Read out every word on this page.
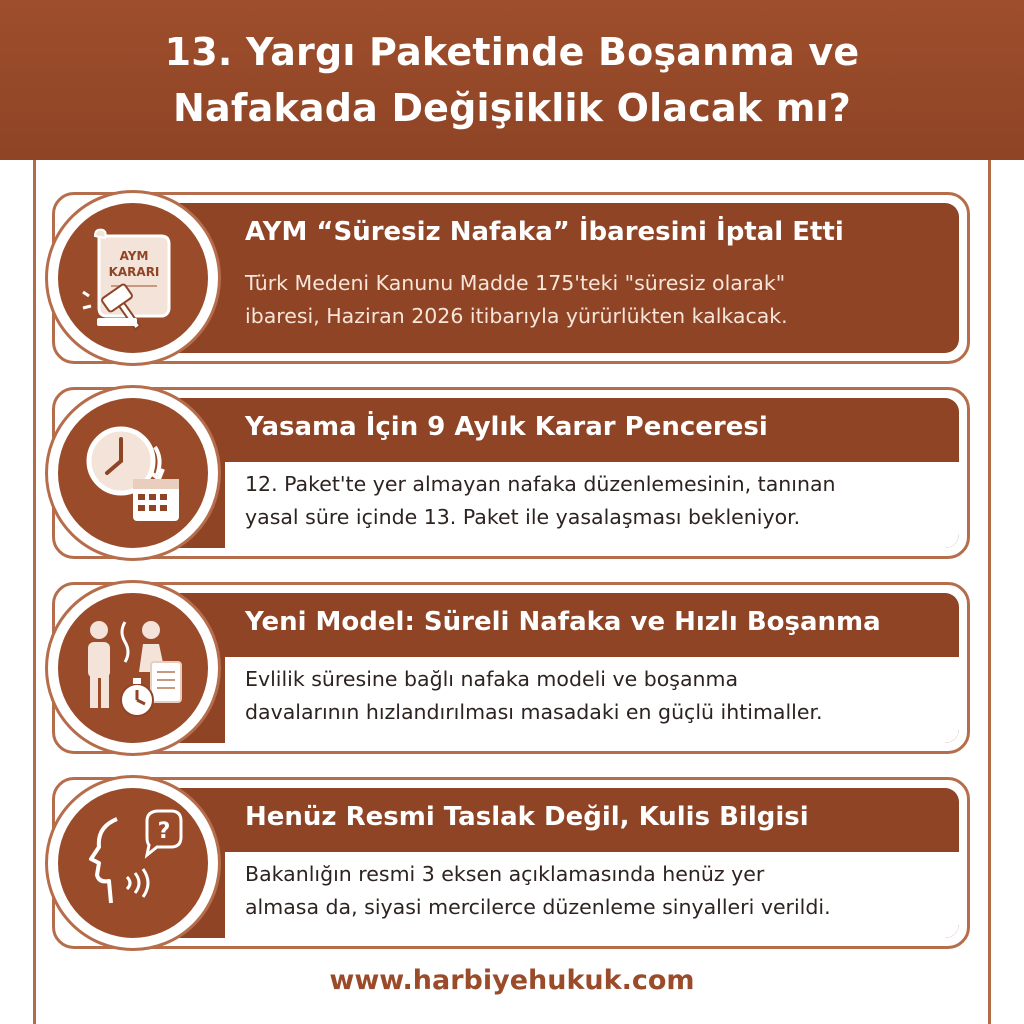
13. Yargı Paketinde Boşanma ve
Nafakada Değişiklik Olacak mı?
AYM “Süresiz Nafaka” İbaresini İptal Etti
Türk Medeni Kanunu Madde 175'teki "süresiz olarak"
ibaresi, Haziran 2026 itibarıyla yürürlükten kalkacak.
AYM
KARARI
Yasama İçin 9 Aylık Karar Penceresi
12. Paket'te yer almayan nafaka düzenlemesinin, tanınan
yasal süre içinde 13. Paket ile yasalaşması bekleniyor.
Yeni Model: Süreli Nafaka ve Hızlı Boşanma
Evlilik süresine bağlı nafaka modeli ve boşanma
davalarının hızlandırılması masadaki en güçlü ihtimaller.
Henüz Resmi Taslak Değil, Kulis Bilgisi
Bakanlığın resmi 3 eksen açıklamasında henüz yer
almasa da, siyasi mercilerce düzenleme sinyalleri verildi.
?
www.harbiyehukuk.com
